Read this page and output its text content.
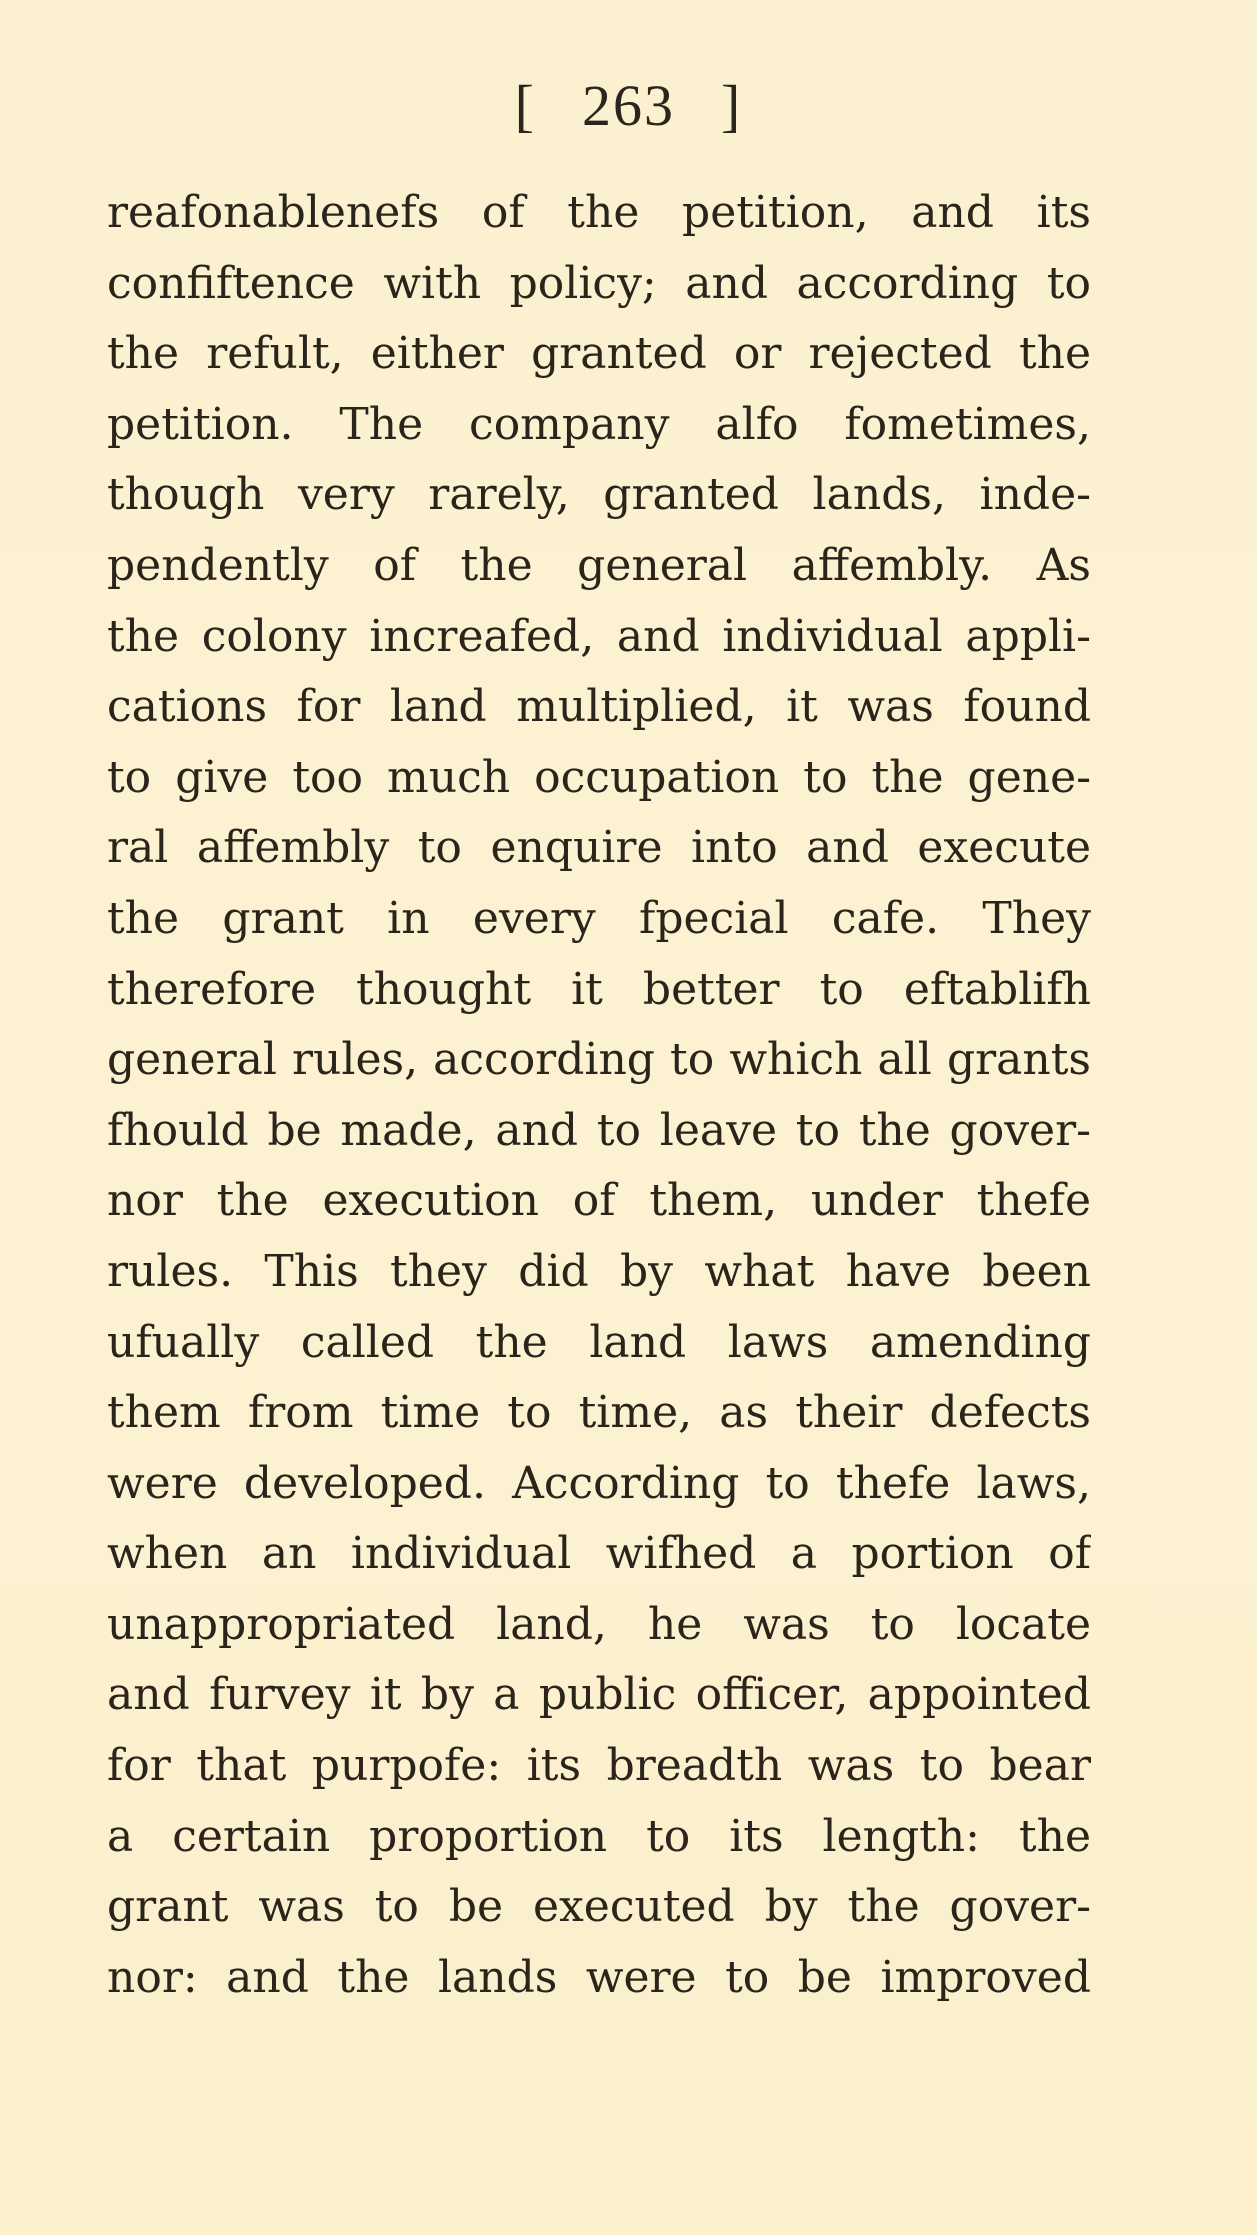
[ 263 ]
reafonablenefs of the petition, and its
confiftence with policy; and according to
the refult, either granted or rejected the
petition. The company alfo fometimes,
though very rarely, granted lands, inde-
pendently of the general affembly. As
the colony increafed, and individual appli-
cations for land multiplied, it was found
to give too much occupation to the gene-
ral affembly to enquire into and execute
the grant in every fpecial cafe. They
therefore thought it better to eftablifh
general rules, according to which all grants
fhould be made, and to leave to the gover-
nor the execution of them, under thefe
rules. This they did by what have been
ufually called the land laws amending
them from time to time, as their defects
were developed. According to thefe laws,
when an individual wifhed a portion of
unappropriated land, he was to locate
and furvey it by a public officer, appointed
for that purpofe: its breadth was to bear
a certain proportion to its length: the
grant was to be executed by the gover-
nor: and the lands were to be improved
